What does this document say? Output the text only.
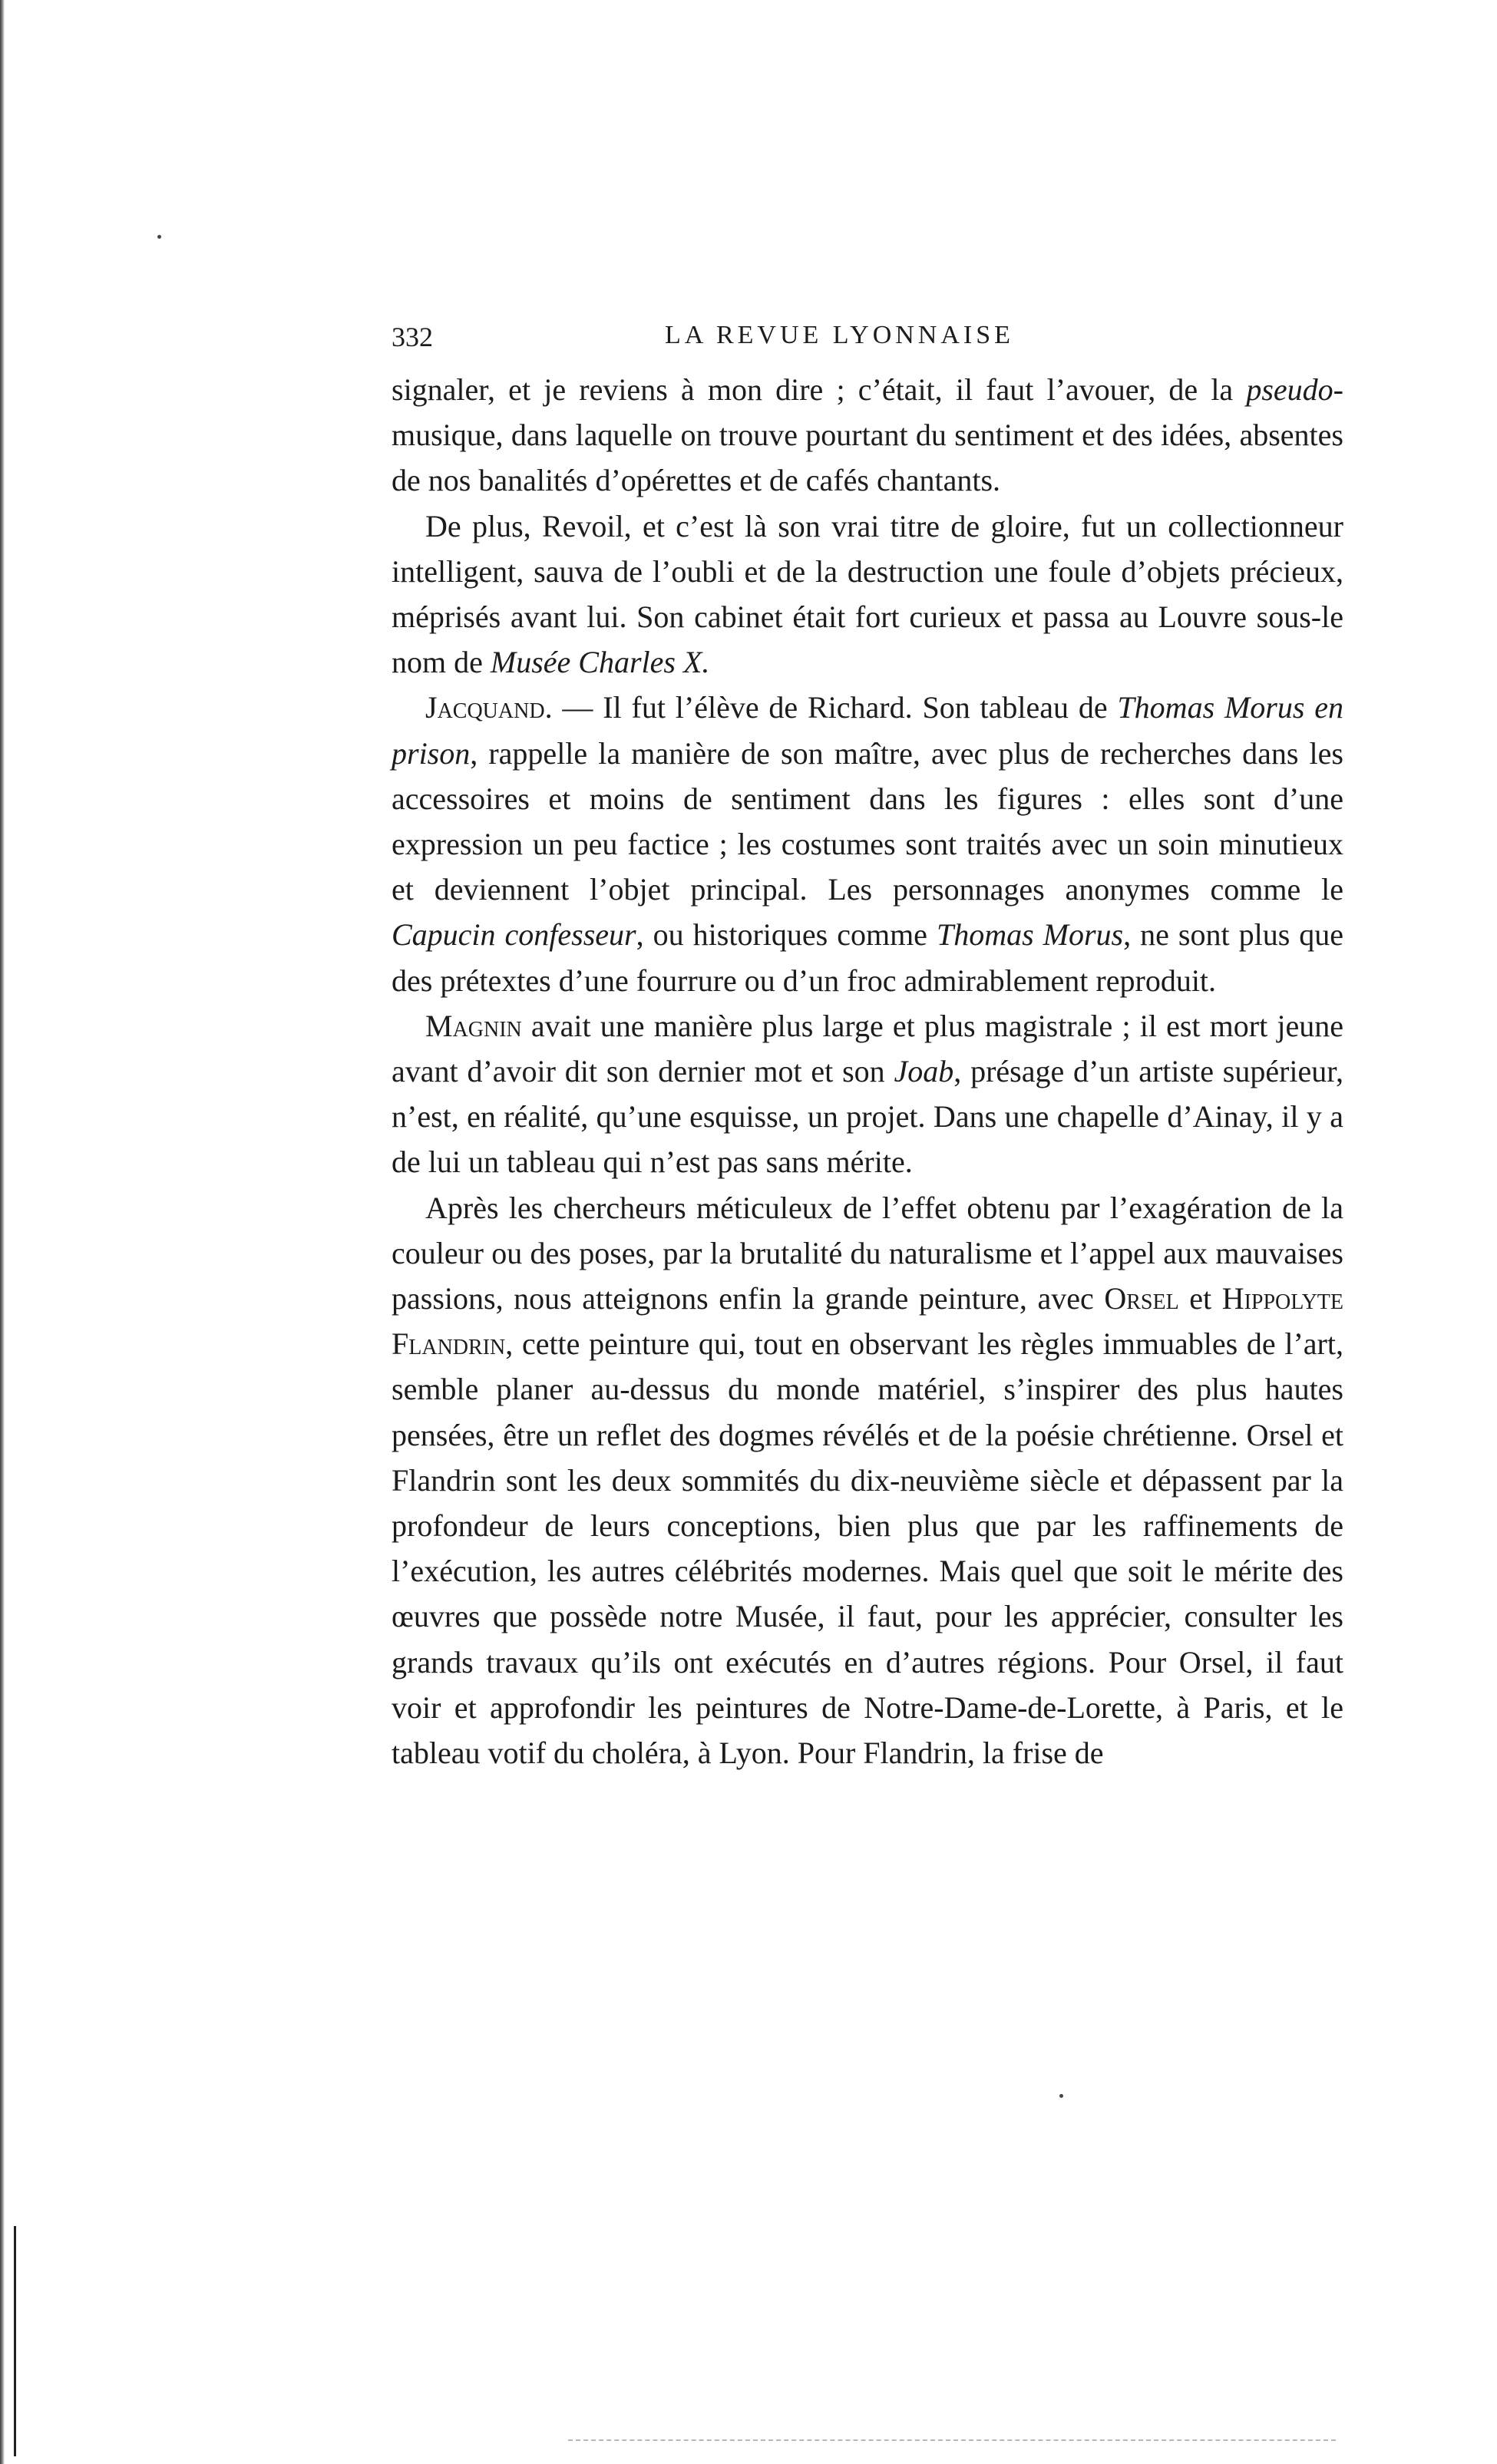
332	LA REVUE LYONNAISE

signaler, et je reviens à mon dire ; c’était, il faut l’avouer, de la pseudo-musique, dans laquelle on trouve pourtant du sentiment et des idées, absentes de nos banalités d’opérettes et de cafés chantants.

De plus, Revoil, et c’est là son vrai titre de gloire, fut un collectionneur intelligent, sauva de l’oubli et de la destruction une foule d’objets précieux, méprisés avant lui. Son cabinet était fort curieux et passa au Louvre sous-le nom de Musée Charles X.

Jacquand. — Il fut l’élève de Richard. Son tableau de Thomas Morus en prison, rappelle la manière de son maître, avec plus de recherches dans les accessoires et moins de sentiment dans les figures : elles sont d’une expression un peu factice ; les costumes sont traités avec un soin minutieux et deviennent l’objet principal. Les personnages anonymes comme le Capucin confesseur, ou historiques comme Thomas Morus, ne sont plus que des prétextes d’une fourrure ou d’un froc admirablement reproduit.

Magnin avait une manière plus large et plus magistrale ; il est mort jeune avant d’avoir dit son dernier mot et son Joab, présage d’un artiste supérieur, n’est, en réalité, qu’une esquisse, un projet. Dans une chapelle d’Ainay, il y a de lui un tableau qui n’est pas sans mérite.

Après les chercheurs méticuleux de l’effet obtenu par l’exagération de la couleur ou des poses, par la brutalité du naturalisme et l’appel aux mauvaises passions, nous atteignons enfin la grande peinture, avec Orsel et Hippolyte Flandrin, cette peinture qui, tout en observant les règles immuables de l’art, semble planer au-dessus du monde matériel, s’inspirer des plus hautes pensées, être un reflet des dogmes révélés et de la poésie chrétienne. Orsel et Flandrin sont les deux sommités du dix-neuvième siècle et dépassent par la profondeur de leurs conceptions, bien plus que par les raffinements de l’exécution, les autres célébrités modernes. Mais quel que soit le mérite des œuvres que possède notre Musée, il faut, pour les apprécier, consulter les grands travaux qu’ils ont exécutés en d’autres régions. Pour Orsel, il faut voir et approfondir les peintures de Notre-Dame-de-Lorette, à Paris, et le tableau votif du choléra, à Lyon. Pour Flandrin, la frise de
